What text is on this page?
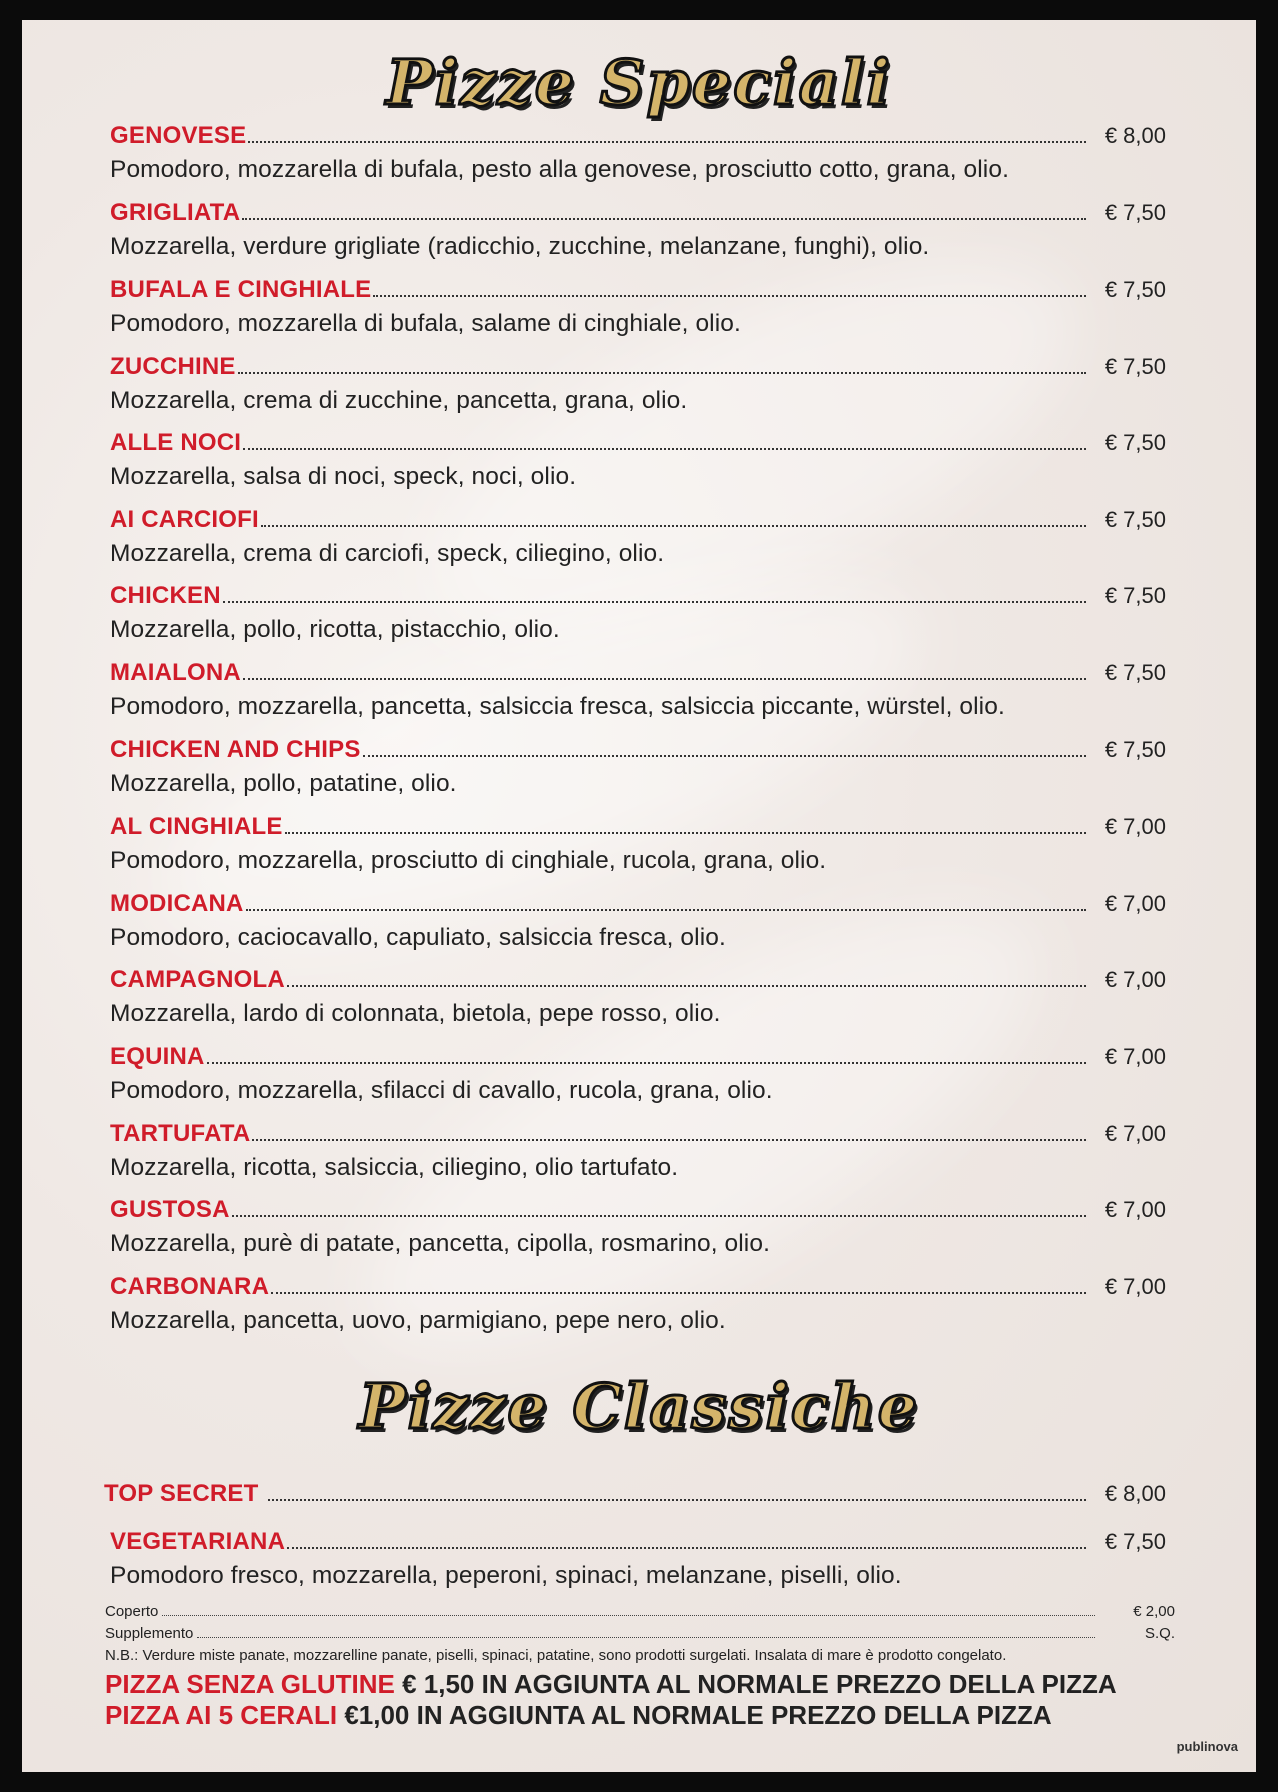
Pizze Speciali
GENOVESE	€ 8,00
Pomodoro, mozzarella di bufala, pesto alla genovese, prosciutto cotto, grana, olio.
GRIGLIATA	€ 7,50
Mozzarella, verdure grigliate (radicchio, zucchine, melanzane, funghi), olio.
BUFALA E CINGHIALE	€ 7,50
Pomodoro, mozzarella di bufala, salame di cinghiale, olio.
ZUCCHINE	€ 7,50
Mozzarella, crema di zucchine, pancetta, grana, olio.
ALLE NOCI	€ 7,50
Mozzarella, salsa di noci, speck, noci, olio.
AI CARCIOFI	€ 7,50
Mozzarella, crema di carciofi, speck, ciliegino, olio.
CHICKEN	€ 7,50
Mozzarella, pollo, ricotta, pistacchio, olio.
MAIALONA	€ 7,50
Pomodoro, mozzarella, pancetta, salsiccia fresca, salsiccia piccante, würstel, olio.
CHICKEN AND CHIPS	€ 7,50
Mozzarella, pollo, patatine, olio.
AL CINGHIALE	€ 7,00
Pomodoro, mozzarella, prosciutto di cinghiale, rucola, grana, olio.
MODICANA	€ 7,00
Pomodoro, caciocavallo, capuliato, salsiccia fresca, olio.
CAMPAGNOLA	€ 7,00
Mozzarella, lardo di colonnata, bietola, pepe rosso, olio.
EQUINA	€ 7,00
Pomodoro, mozzarella, sfilacci di cavallo, rucola, grana, olio.
TARTUFATA	€ 7,00
Mozzarella, ricotta, salsiccia, ciliegino, olio tartufato.
GUSTOSA	€ 7,00
Mozzarella, purè di patate, pancetta, cipolla, rosmarino, olio.
CARBONARA	€ 7,00
Mozzarella, pancetta, uovo, parmigiano, pepe nero, olio.
Pizze Classiche
TOP SECRET	€ 8,00
VEGETARIANA	€ 7,50
Pomodoro fresco, mozzarella, peperoni, spinaci, melanzane, piselli, olio.
Coperto	€ 2,00
Supplemento	S.Q.
N.B.: Verdure miste panate, mozzarelline panate, piselli, spinaci, patatine, sono prodotti surgelati. Insalata di mare è prodotto congelato.
PIZZA SENZA GLUTINE € 1,50 IN AGGIUNTA AL NORMALE PREZZO DELLA PIZZA
PIZZA AI 5 CERALI €1,00 IN AGGIUNTA AL NORMALE PREZZO DELLA PIZZA
publinova
